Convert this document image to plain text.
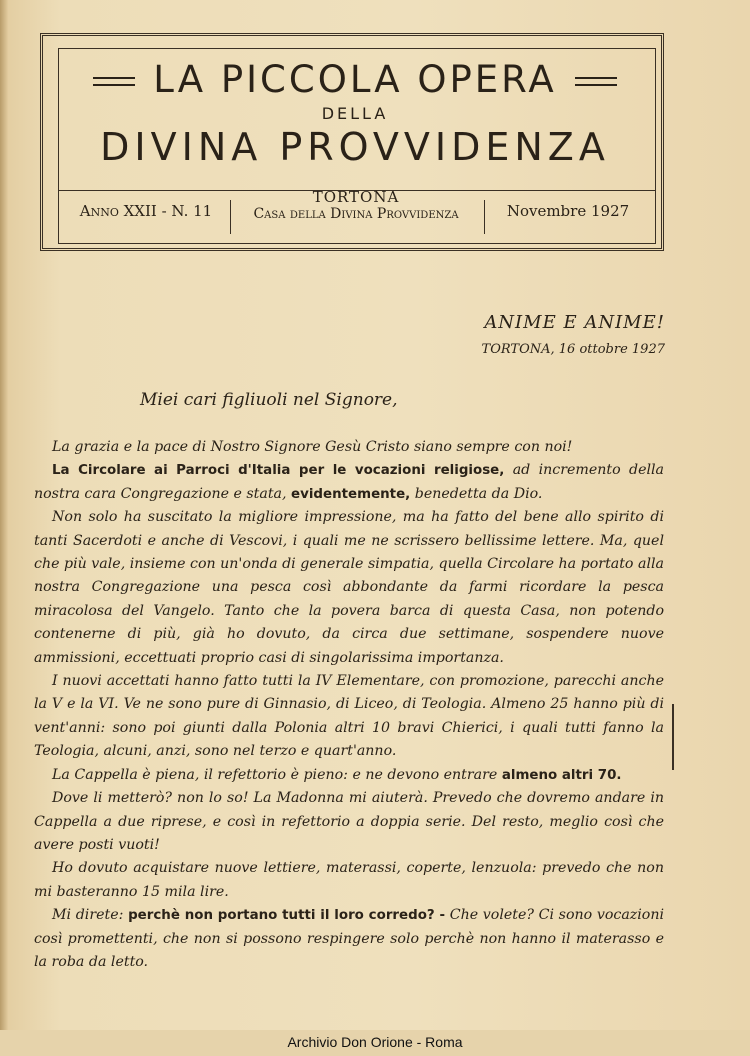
LA PICCOLA OPERA
DELLA
DIVINA PROVVIDENZA
Anno XXII - N. 11
TORTONA
Casa della Divina Provvidenza	Novembre 1927
ANIME E ANIME!
TORTONA, 16 ottobre 1927
Miei cari figliuoli nel Signore,

La grazia e la pace di Nostro Signore Gesù Cristo siano sempre con noi!

La Circolare ai Parroci d'Italia per le vocazioni religiose, ad incremento della nostra cara Congregazione e stata, evidentemente, benedetta da Dio.

Non solo ha suscitato la migliore impressione, ma ha fatto del bene allo spirito di tanti Sacerdoti e anche di Vescovi, i quali me ne scrissero bellissime lettere. Ma, quel che più vale, insieme con un'onda di generale simpatia, quella Circolare ha portato alla nostra Congregazione una pesca così abbondante da farmi ricordare la pesca miracolosa del Vangelo. Tanto che la povera barca di questa Casa, non potendo contenerne di più, già ho dovuto, da circa due settimane, sospendere nuove ammissioni, eccettuati proprio casi di singolarissima importanza.

I nuovi accettati hanno fatto tutti la IV Elementare, con promozione, parecchi anche la V e la VI. Ve ne sono pure di Ginnasio, di Liceo, di Teologia. Almeno 25 hanno più di vent'anni: sono poi giunti dalla Polonia altri 10 bravi Chierici, i quali tutti fanno la Teologia, alcuni, anzi, sono nel terzo e quart'anno.

La Cappella è piena, il refettorio è pieno: e ne devono entrare almeno altri 70.

Dove li metterò? non lo so! La Madonna mi aiuterà. Prevedo che dovremo andare in Cappella a due riprese, e così in refettorio a doppia serie. Del resto, meglio così che avere posti vuoti!

Ho dovuto acquistare nuove lettiere, materassi, coperte, lenzuola: prevedo che non mi basteranno 15 mila lire.

Mi direte: perchè non portano tutti il loro corredo? - Che volete? Ci sono vocazioni così promettenti, che non si possono respingere solo perchè non hanno il materasso e la roba da letto.

Archivio Don Orione - Roma
